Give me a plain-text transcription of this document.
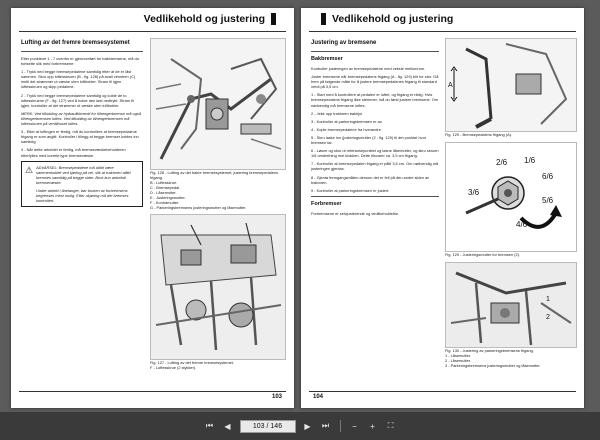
Vedlikehold og justering
Lufting av det fremre bremsesystemet

Etter punktene 1 - 7 ovenfor er gjennomført for bakbremsene, må du fortsette slik med forbremsene:

1 - Trykk ned begge bremsepedalene samtidig etter at de er låst sammen. Skru opp luftesskruen (B - fig. 128) på avall venstren (C) inntil det strømmer ut væske uten luftbobler. Stram til igjen luftesskruen og slipp pedalene.

2 - Trykk ned begge bremsepedalene samtidig og koble de to luftesskruene (F - fig. 127) ved å holde den løst nedtrykt. Stram til igjen, kontroller at det strømmer ut væske uten luftbobler.

MERK: Ved tilkobling av hydraulikkventil for tilhengerbremse må også tilhengerbremsen luftes. Ved tilkobling av tilhengerbremsen må luftesskruen på ventilhuset luftes.

3 - Etter at luftingen er ferdig, må du kontrollere at bremsepedalene frigang er som angitt. Kontroller i tillegg at begge bremser kobles inn samtidig.

4 - Når dette arbeidet er ferdig, må bremsevæskebeholderen etterfylles med korrekt type bremsevæske.

⚠ ADVARSEL: Bremsepedalene må alltid være sammenkoblet ved kjøring på vei, slik at traktoren alltid bremses samtidig på begge sider. Bruk kun anbefalt bremsevæske.
Under arbeid i ånelanger, bør bruken av forbremsens begrenses mest mulig. Etter ukjøring må det bremses kontrollert.
Fig. 128 - Lufting av det bakre bremsesystemet, justering bremsepedalens frigang.
B - Luftesskrue.
C - Bremsepedal.
D - Låsemutter.
E - Justeringsmutter.
F - Kontramutter.
G - Parkeringsbremsens justeringsmutter og låsemutter.
Fig. 127 - Lufting av det fremre bremsesystemet.
F - Luftesskrue (2 stykker).
103
Vedlikehold og justering
Justering av bremsene
Bakbremser

Kontroller justeringen av bremsepedalene med veksle mellomrom.

Juster bremsene når bremsepedalens frigang (A - fig. 129) blir for stor. Gå frem på følgende måte for å justere bremsepedalenes frigang til standard verdi på 3,5 cm.

1 - Start med å kontrollere at pedalen er luftet, og frigang er riktig. Hvis bremsepedalens frigang ikke stemmer, må du først justere bremsene. Om nødvendig må bremsene luftes.

2 - Jekk opp traktoren bakhjul.

3 - Kontroller at parkeringsbremsen er av.

4 - Kople bremsepedalene fra hverandre.

5 - Skru laske inn (justeringsmutter (2 - fig. 129) til det punktet hvor bremsen tar.

6 - Løsne og skru ut referansepunktet og løsne låsemutter, og skru skruen 1/6 omdreining mot klokken. Dette tilsvarer ca. 3,5 cm frigang.

7 - Kontroller at bremsepedalen frigang er påtil 3,5 cm. Om nødvendig må justeringen gjentas.

8 - Gjenta fremgangsmåten dersom det er feil på den andre siden av traktoren.

9 - Kontroller at parkeringsbremsen er justert.

Forbremser

Forbremsene er selvjusterende og vedlikeholdsfrie.

A
Fig. 129 - Bremsepedalens frigang (A).
2/6 1/6
6/6
3/6
5/6
4/6
Fig. 129 - Justeringsmutter for bremsen (2).
1
2
Fig. 130 - Justering av parkeringsbremsens frigang.
1 - Låsemutter.
2 - Låsemutter.
3 - Parkeringsbremsens justeringsmutter og låsemutter.
104
⏮	◀	103 / 146	▶	⏭	−	+	⛶
